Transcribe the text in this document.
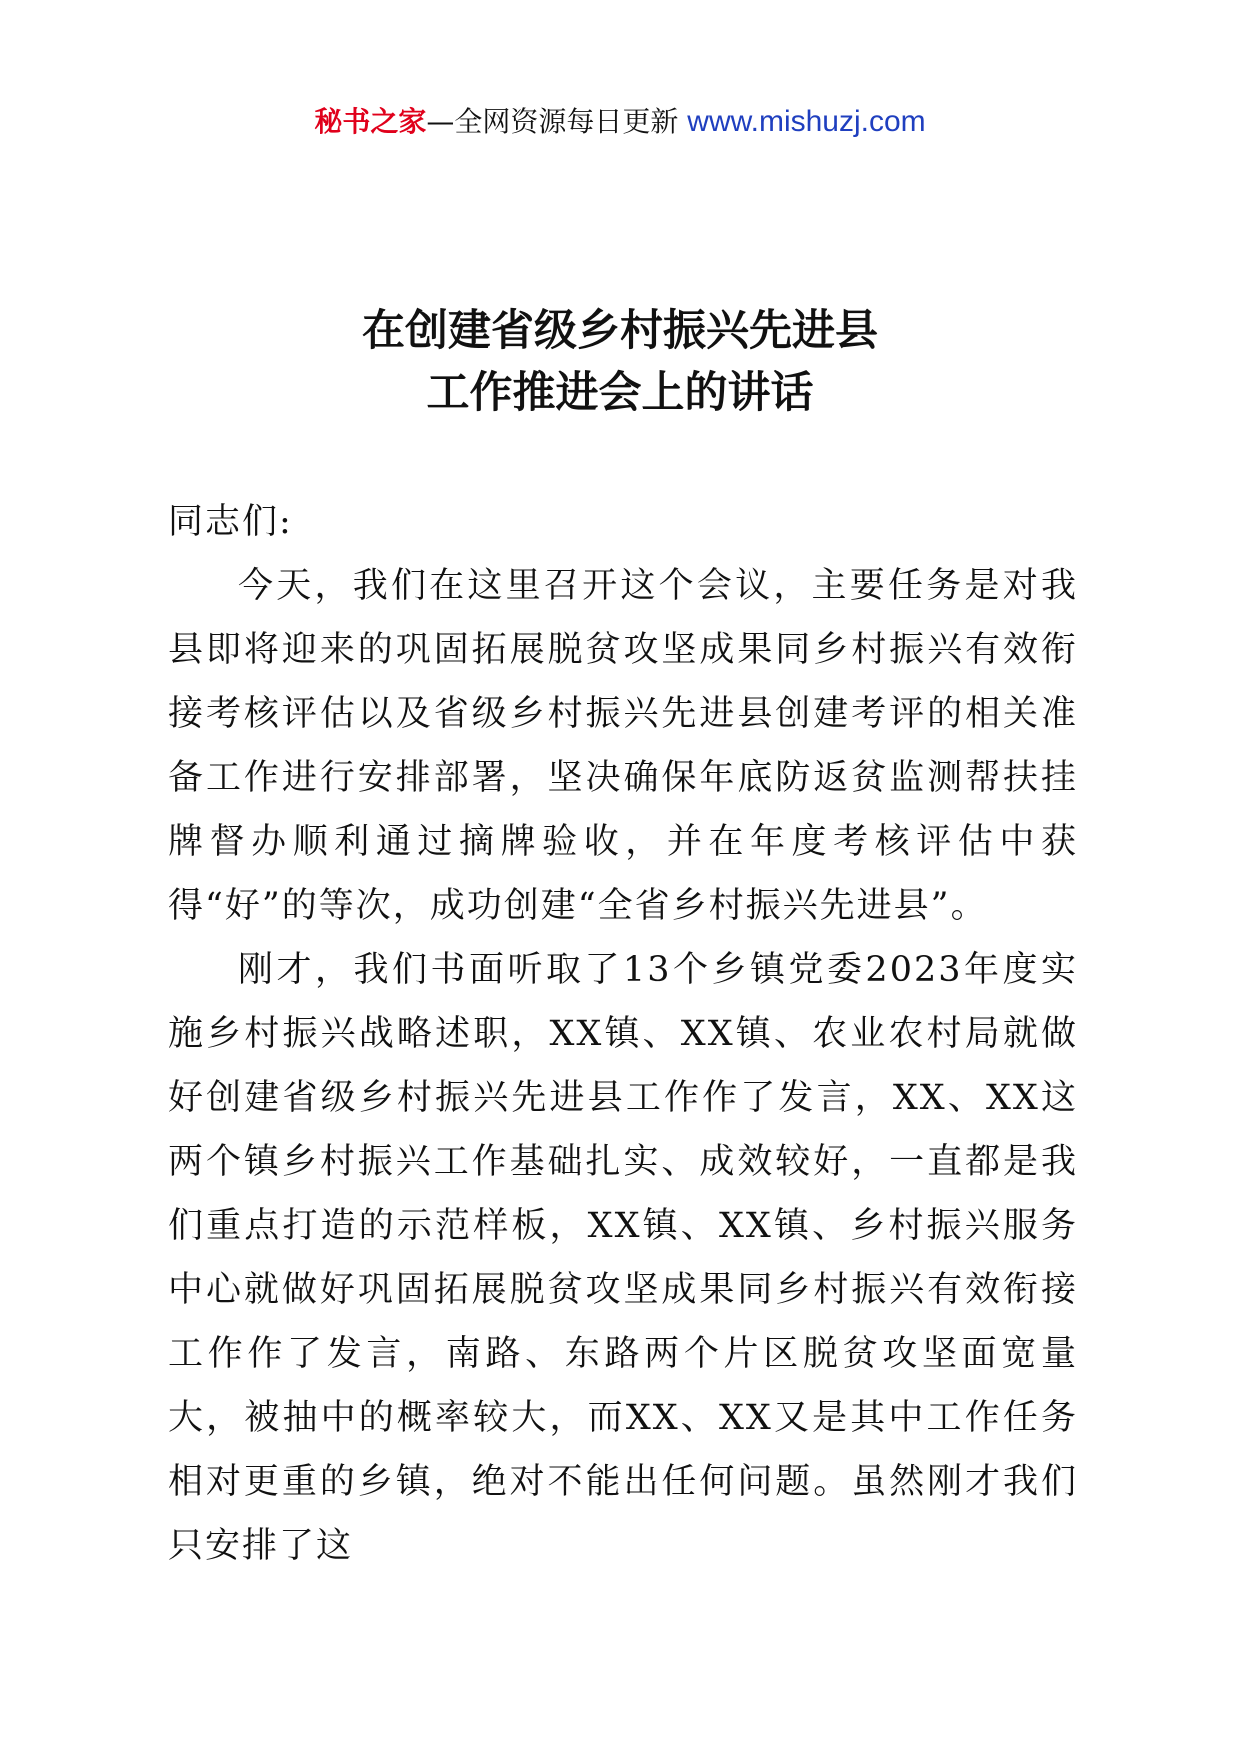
秘书之家—全网资源每日更新 www.mishuzj.com
在创建省级乡村振兴先进县
工作推进会上的讲话

同志们:

今天，我们在这里召开这个会议，主要任务是对我县即将迎来的巩固拓展脱贫攻坚成果同乡村振兴有效衔接考核评估以及省级乡村振兴先进县创建考评的相关准备工作进行安排部署，坚决确保年底防返贫监测帮扶挂牌督办顺利通过摘牌验收，并在年度考核评估中获得“好”的等次，成功创建“全省乡村振兴先进县”。

刚才，我们书面听取了13个乡镇党委2023年度实施乡村振兴战略述职，XX镇、XX镇、农业农村局就做好创建省级乡村振兴先进县工作作了发言，XX、XX这两个镇乡村振兴工作基础扎实、成效较好，一直都是我们重点打造的示范样板，XX镇、XX镇、乡村振兴服务中心就做好巩固拓展脱贫攻坚成果同乡村振兴有效衔接工作作了发言，南路、东路两个片区脱贫攻坚面宽量大，被抽中的概率较大，而XX、XX又是其中工作任务相对更重的乡镇，绝对不能出任何问题。虽然刚才我们只安排了这
